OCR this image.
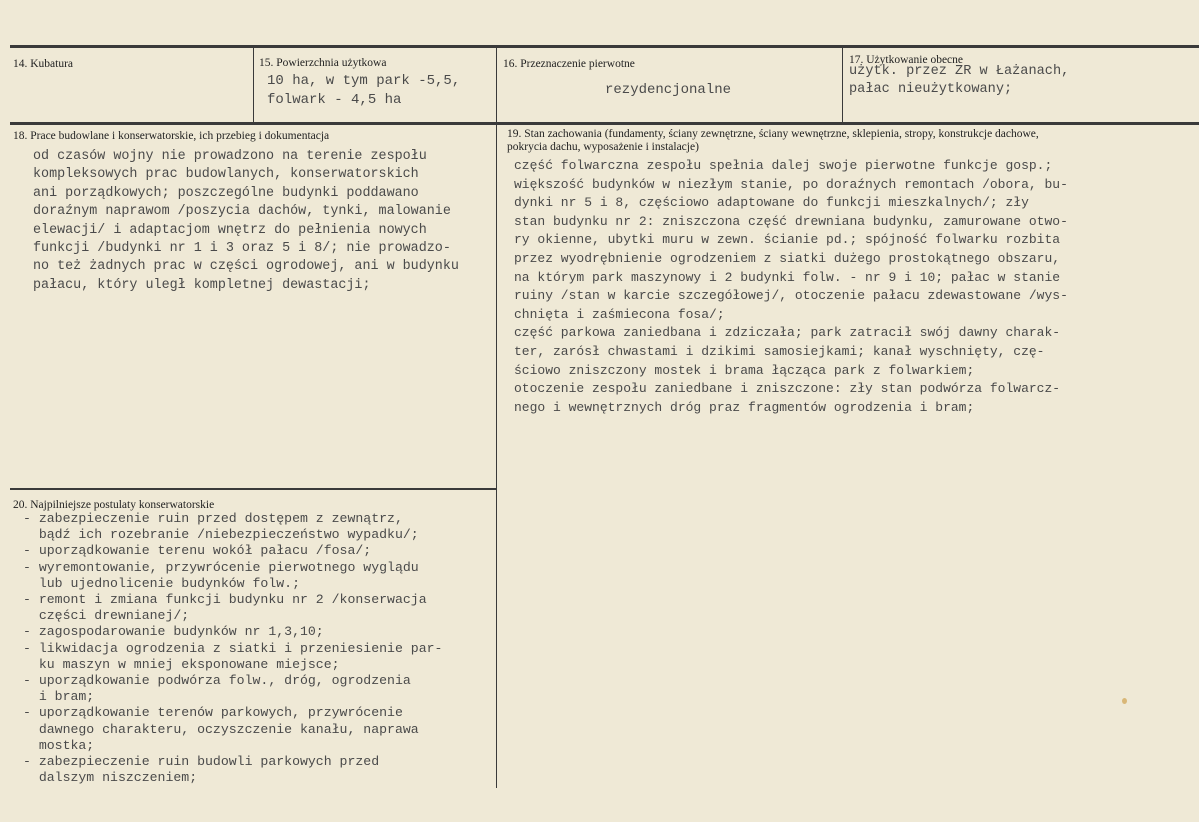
14. Kubatura	15. Powierzchnia użytkowa
10 ha, w tym park -5,5,
folwark - 4,5 ha
16. Przeznaczenie pierwotne
rezydencjonalne
17. Użytkowanie obecne
użytk. przez ZR w Łażanach,
pałac nieużytkowany;
18. Prace budowlane i konserwatorskie, ich przebieg i dokumentacja
od czasów wojny nie prowadzono na terenie zespołu
kompleksowych prac budowlanych, konserwatorskich
ani porządkowych; poszczególne budynki poddawano
doraźnym naprawom /poszycia dachów, tynki, malowanie
elewacji/ i adaptacjom wnętrz do pełnienia nowych
funkcji /budynki nr 1 i 3 oraz 5 i 8/; nie prowadzo-
no też żadnych prac w części ogrodowej, ani w budynku
pałacu, który uległ kompletnej dewastacji;
19. Stan zachowania (fundamenty, ściany zewnętrzne, ściany wewnętrzne, sklepienia, stropy, konstrukcje dachowe, pokrycia dachu, wyposażenie i instalacje)
część folwarczna zespołu spełnia dalej swoje pierwotne funkcje gosp.;
większość budynków w niezłym stanie, po doraźnych remontach /obora, bu-
dynki nr 5 i 8, częściowo adaptowane do funkcji mieszkalnych/; zły
stan budynku nr 2: zniszczona część drewniana budynku, zamurowane otwo-
ry okienne, ubytki muru w zewn. ścianie pd.; spójność folwarku rozbita
przez wyodrębnienie ogrodzeniem z siatki dużego prostokątnego obszaru,
na którym park maszynowy i 2 budynki folw. - nr 9 i 10; pałac w stanie
ruiny /stan w karcie szczegółowej/, otoczenie pałacu zdewastowane /wys-
chnięta i zaśmiecona fosa/;
część parkowa zaniedbana i zdziczała; park zatracił swój dawny charak-
ter, zarósł chwastami i dzikimi samosiejkami; kanał wyschnięty, czę-
ściowo zniszczony mostek i brama łącząca park z folwarkiem;
otoczenie zespołu zaniedbane i zniszczone: zły stan podwórza folwarcz-
nego i wewnętrznych dróg praz fragmentów ogrodzenia i bram;
20. Najpilniejsze postulaty konserwatorskie
- zabezpieczenie ruin przed dostępem z zewnątrz,
bądź ich rozebranie /niebezpieczeństwo wypadku/;
- uporządkowanie terenu wokół pałacu /fosa/;
- wyremontowanie, przywrócenie pierwotnego wyglądu
lub ujednolicenie budynków folw.;
- remont i zmiana funkcji budynku nr 2 /konserwacja
części drewnianej/;
- zagospodarowanie budynków nr 1,3,10;
- likwidacja ogrodzenia z siatki i przeniesienie par-
ku maszyn w mniej eksponowane miejsce;
- uporządkowanie podwórza folw., dróg, ogrodzenia
i bram;
- uporządkowanie terenów parkowych, przywrócenie
dawnego charakteru, oczyszczenie kanału, naprawa
mostka;
- zabezpieczenie ruin budowli parkowych przed
dalszym niszczeniem;
